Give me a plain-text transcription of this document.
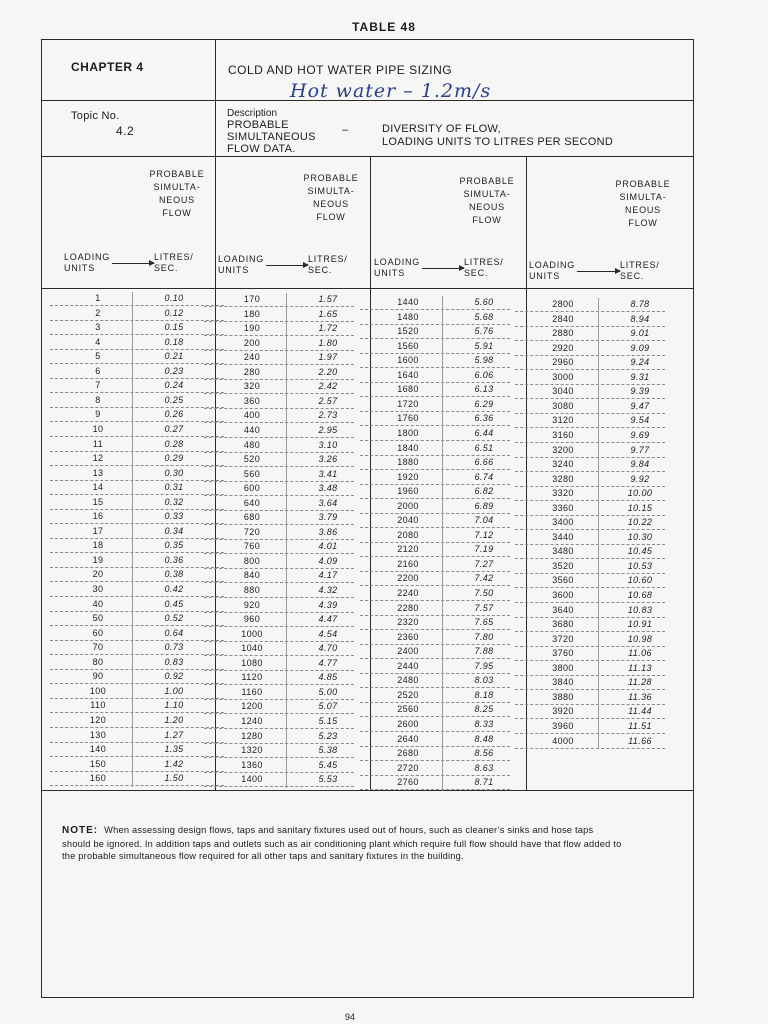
TABLE 48
CHAPTER 4	COLD AND HOT WATER PIPE SIZING
Hot water – 1.2m/s
Topic No.
4.2
Description
PROBABLE
SIMULTANEOUS
FLOW DATA.
–	DIVERSITY OF FLOW,
LOADING UNITS TO LITRES PER SECOND
PROBABLE
SIMULTA-
NEOUS
FLOW
LOADING
UNITS
LITRES/
SEC.
PROBABLE
SIMULTA-
NEOUS
FLOW
LOADING
UNITS
LITRES/
SEC.
PROBABLE
SIMULTA-
NEOUS
FLOW
LOADING
UNITS
LITRES/
SEC.
PROBABLE
SIMULTA-
NEOUS
FLOW
LOADING
UNITS
LITRES/
SEC.
1	0.10
2	0.12
3	0.15
4	0.18
5	0.21
6	0.23
7	0.24
8	0.25
9	0.26
10	0.27
11	0.28
12	0.29
13	0.30
14	0.31
15	0.32
16	0.33
17	0.34
18	0.35
19	0.36
20	0.38
30	0.42
40	0.45
50	0.52
60	0.64
70	0.73
80	0.83
90	0.92
100	1.00
110	1.10
120	1.20
130	1.27
140	1.35
150	1.42
160	1.50
170	1.57
180	1.65
190	1.72
200	1.80
240	1.97
280	2.20
320	2.42
360	2.57
400	2.73
440	2.95
480	3.10
520	3.26
560	3.41
600	3.48
640	3.64
680	3.79
720	3.86
760	4.01
800	4.09
840	4.17
880	4.32
920	4.39
960	4.47
1000	4.54
1040	4.70
1080	4.77
1120	4.85
1160	5.00
1200	5.07
1240	5.15
1280	5.23
1320	5.38
1360	5.45
1400	5.53
1440	5.60
1480	5.68
1520	5.76
1560	5.91
1600	5.98
1640	6.06
1680	6.13
1720	6.29
1760	6.36
1800	6.44
1840	6.51
1880	6.66
1920	6.74
1960	6.82
2000	6.89
2040	7.04
2080	7.12
2120	7.19
2160	7.27
2200	7.42
2240	7.50
2280	7.57
2320	7.65
2360	7.80
2400	7.88
2440	7.95
2480	8.03
2520	8.18
2560	8.25
2600	8.33
2640	8.48
2680	8.56
2720	8.63
2760	8.71
2800	8.78
2840	8.94
2880	9.01
2920	9.09
2960	9.24
3000	9.31
3040	9.39
3080	9.47
3120	9.54
3160	9.69
3200	9.77
3240	9.84
3280	9.92
3320	10.00
3360	10.15
3400	10.22
3440	10.30
3480	10.45
3520	10.53
3560	10.60
3600	10.68
3640	10.83
3680	10.91
3720	10.98
3760	11.06
3800	11.13
3840	11.28
3880	11.36
3920	11.44
3960	11.51
4000	11.66
NOTE: When assessing design flows, taps and sanitary fixtures used out of hours, such as cleaner’s sinks and hose taps should be ignored. In addition taps and outlets such as air conditioning plant which require full flow should have that flow added to the probable simultaneous flow required for all other taps and sanitary fixtures in the building.
94
